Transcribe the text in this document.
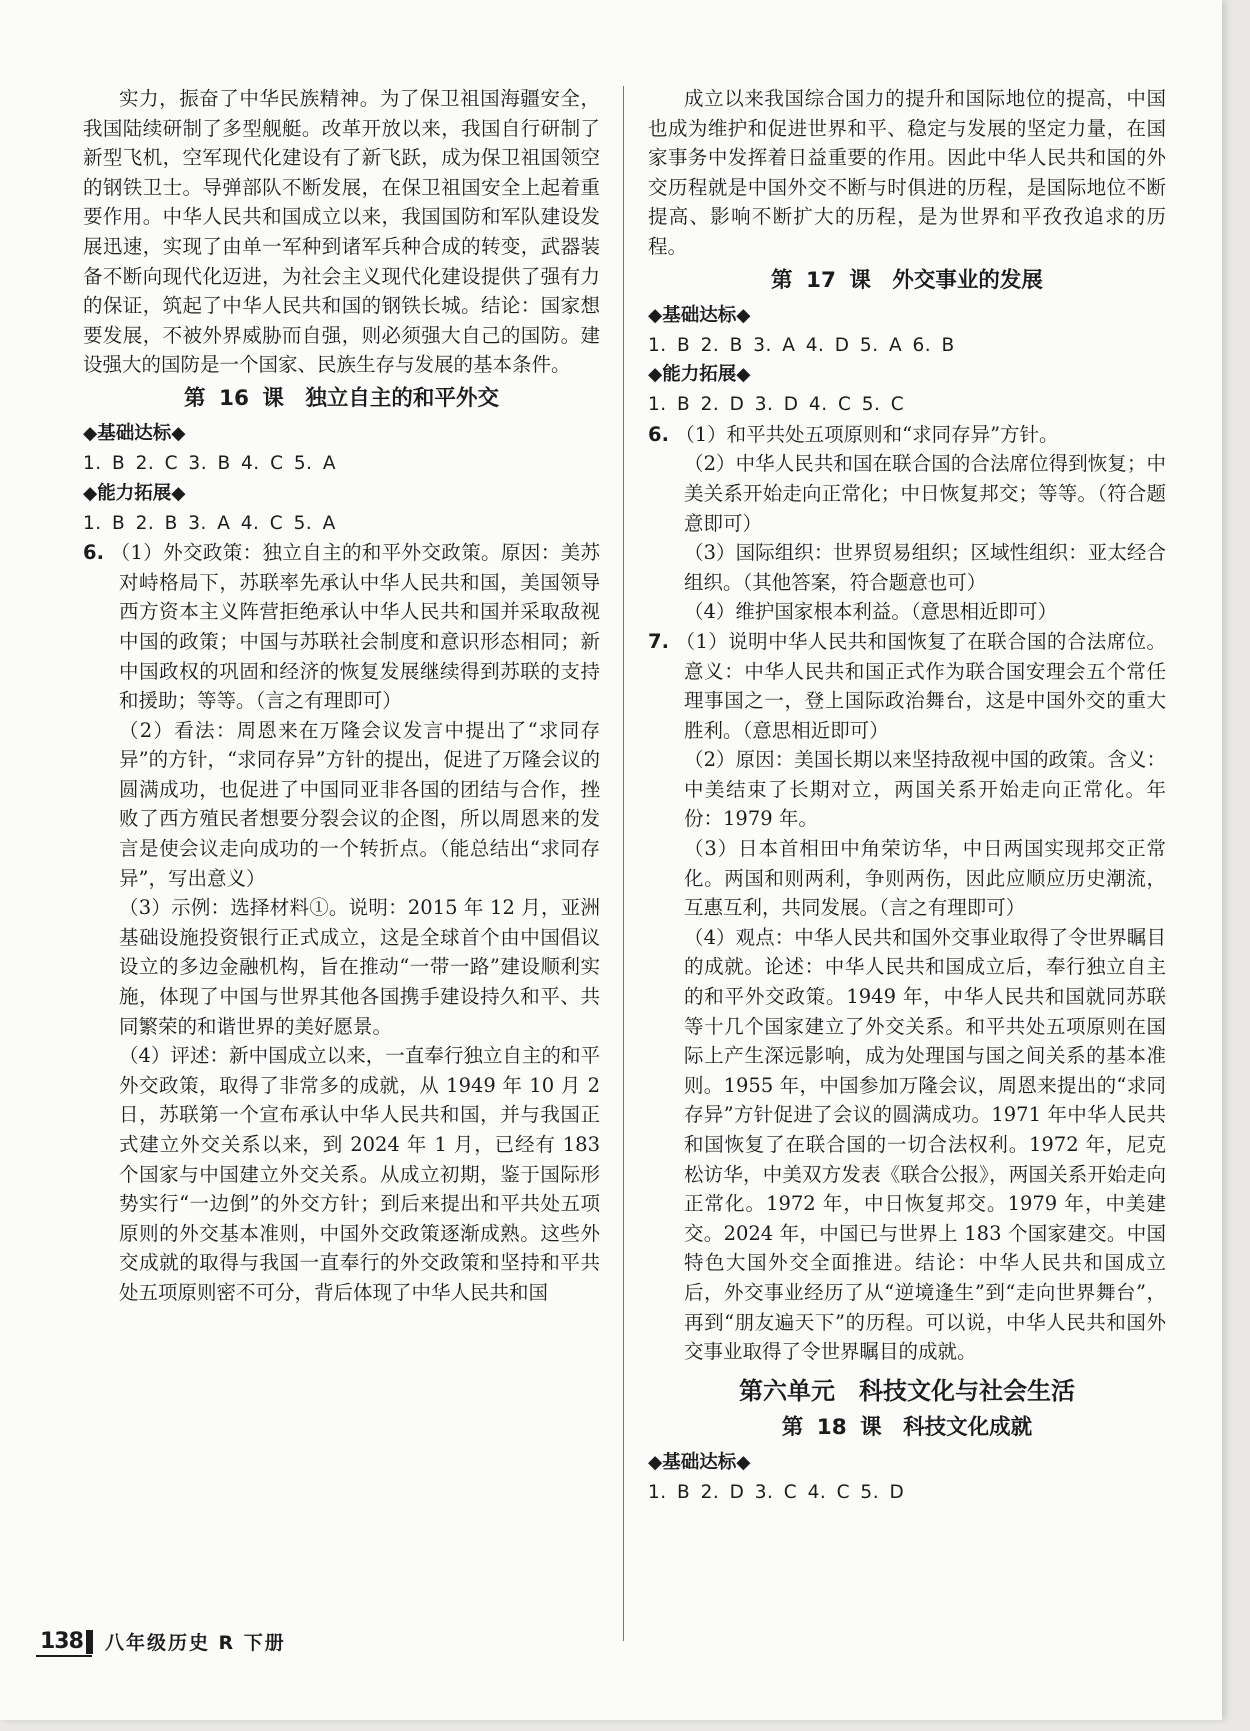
实力，振奋了中华民族精神。为了保卫祖国海疆安全，我国陆续研制了多型舰艇。改革开放以来，我国自行研制了新型飞机，空军现代化建设有了新飞跃，成为保卫祖国领空的钢铁卫士。导弹部队不断发展，在保卫祖国安全上起着重要作用。中华人民共和国成立以来，我国国防和军队建设发展迅速，实现了由单一军种到诸军兵种合成的转变，武器装备不断向现代化迈进，为社会主义现代化建设提供了强有力的保证，筑起了中华人民共和国的钢铁长城。结论：国家想要发展，不被外界威胁而自强，则必须强大自己的国防。建设强大的国防是一个国家、民族生存与发展的基本条件。

第 16 课　独立自主的和平外交

◆基础达标◆

1. B 2. C 3. B 4. C 5. A

◆能力拓展◆

1. B 2. B 3. A 4. C 5. A

6. （1）外交政策：独立自主的和平外交政策。原因：美苏对峙格局下，苏联率先承认中华人民共和国，美国领导西方资本主义阵营拒绝承认中华人民共和国并采取敌视中国的政策；中国与苏联社会制度和意识形态相同；新中国政权的巩固和经济的恢复发展继续得到苏联的支持和援助；等等。（言之有理即可）

（2）看法：周恩来在万隆会议发言中提出了“求同存异”的方针，“求同存异”方针的提出，促进了万隆会议的圆满成功，也促进了中国同亚非各国的团结与合作，挫败了西方殖民者想要分裂会议的企图，所以周恩来的发言是使会议走向成功的一个转折点。（能总结出“求同存异”，写出意义）

（3）示例：选择材料①。说明：2015 年 12 月，亚洲基础设施投资银行正式成立，这是全球首个由中国倡议设立的多边金融机构，旨在推动“一带一路”建设顺利实施，体现了中国与世界其他各国携手建设持久和平、共同繁荣的和谐世界的美好愿景。

（4）评述：新中国成立以来，一直奉行独立自主的和平外交政策，取得了非常多的成就，从 1949 年 10 月 2 日，苏联第一个宣布承认中华人民共和国，并与我国正式建立外交关系以来，到 2024 年 1 月，已经有 183 个国家与中国建立外交关系。从成立初期，鉴于国际形势实行“一边倒”的外交方针；到后来提出和平共处五项原则的外交基本准则，中国外交政策逐渐成熟。这些外交成就的取得与我国一直奉行的外交政策和坚持和平共处五项原则密不可分，背后体现了中华人民共和国

成立以来我国综合国力的提升和国际地位的提高，中国也成为维护和促进世界和平、稳定与发展的坚定力量，在国家事务中发挥着日益重要的作用。因此中华人民共和国的外交历程就是中国外交不断与时俱进的历程，是国际地位不断提高、影响不断扩大的历程，是为世界和平孜孜追求的历程。

第 17 课　外交事业的发展

◆基础达标◆

1. B 2. B 3. A 4. D 5. A 6. B

◆能力拓展◆

1. B 2. D 3. D 4. C 5. C

6. （1）和平共处五项原则和“求同存异”方针。

（2）中华人民共和国在联合国的合法席位得到恢复；中美关系开始走向正常化；中日恢复邦交；等等。（符合题意即可）

（3）国际组织：世界贸易组织；区域性组织：亚太经合组织。（其他答案，符合题意也可）

（4）维护国家根本利益。（意思相近即可）

7. （1）说明中华人民共和国恢复了在联合国的合法席位。意义：中华人民共和国正式作为联合国安理会五个常任理事国之一，登上国际政治舞台，这是中国外交的重大胜利。（意思相近即可）

（2）原因：美国长期以来坚持敌视中国的政策。含义：中美结束了长期对立，两国关系开始走向正常化。年份：1979 年。

（3）日本首相田中角荣访华，中日两国实现邦交正常化。两国和则两利，争则两伤，因此应顺应历史潮流，互惠互利，共同发展。（言之有理即可）

（4）观点：中华人民共和国外交事业取得了令世界瞩目的成就。论述：中华人民共和国成立后，奉行独立自主的和平外交政策。1949 年，中华人民共和国就同苏联等十几个国家建立了外交关系。和平共处五项原则在国际上产生深远影响，成为处理国与国之间关系的基本准则。1955 年，中国参加万隆会议，周恩来提出的“求同存异”方针促进了会议的圆满成功。1971 年中华人民共和国恢复了在联合国的一切合法权利。1972 年，尼克松访华，中美双方发表《联合公报》，两国关系开始走向正常化。1972 年，中日恢复邦交。1979 年，中美建交。2024 年，中国已与世界上 183 个国家建交。中国特色大国外交全面推进。结论：中华人民共和国成立后，外交事业经历了从“逆境逢生”到“走向世界舞台”，再到“朋友遍天下”的历程。可以说，中华人民共和国外交事业取得了令世界瞩目的成就。

第六单元　科技文化与社会生活

第 18 课　科技文化成就

◆基础达标◆

1. B 2. D 3. C 4. C 5. D

138 八年级历史 R 下册
